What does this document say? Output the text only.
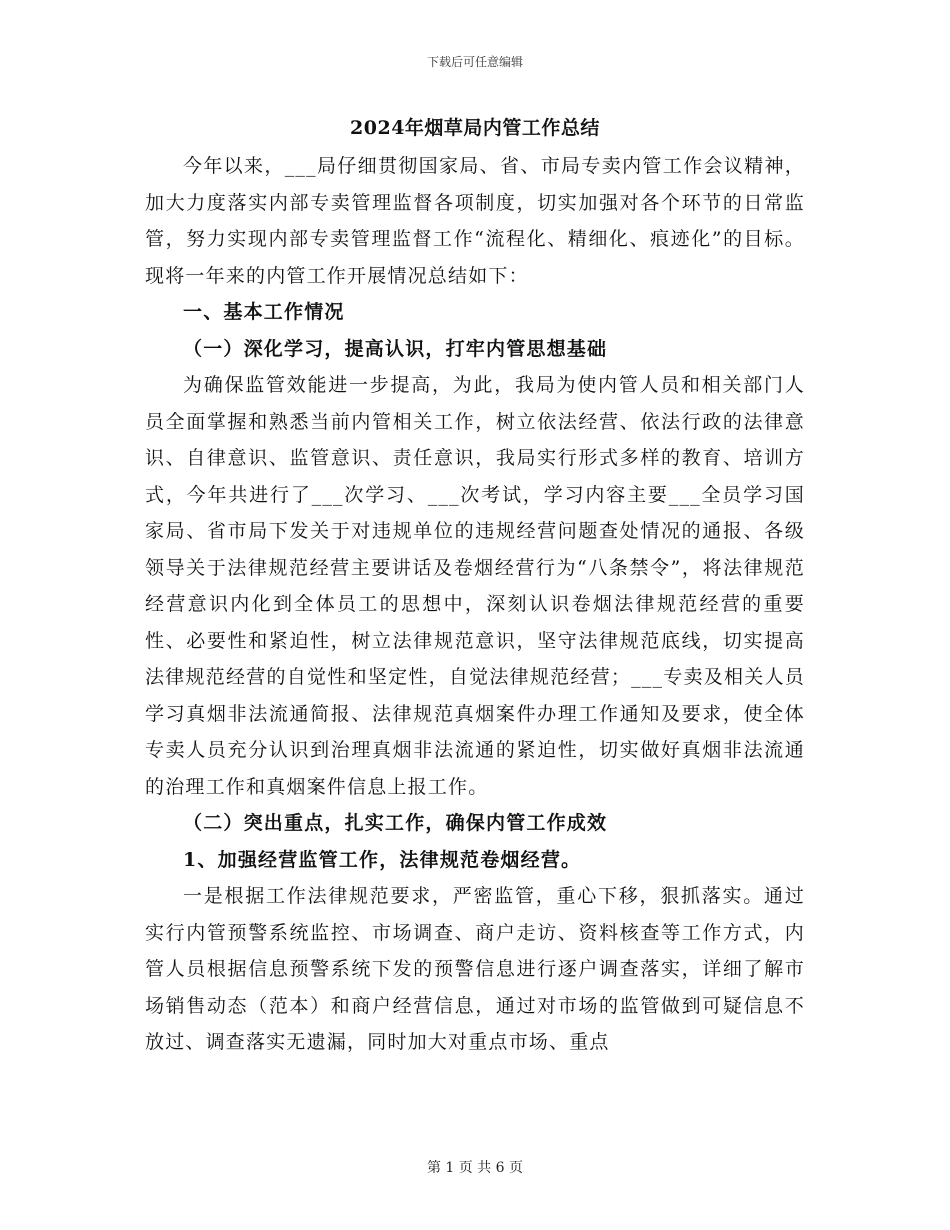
下载后可任意编辑
2024年烟草局内管工作总结

今年以来，___局仔细贯彻国家局、省、市局专卖内管工作会议精神，加大力度落实内部专卖管理监督各项制度，切实加强对各个环节的日常监管，努力实现内部专卖管理监督工作“流程化、精细化、痕迹化”的目标。现将一年来的内管工作开展情况总结如下：

一、基本工作情况

（一）深化学习，提高认识，打牢内管思想基础

为确保监管效能进一步提高，为此，我局为使内管人员和相关部门人员全面掌握和熟悉当前内管相关工作，树立依法经营、依法行政的法律意识、自律意识、监管意识、责任意识，我局实行形式多样的教育、培训方式，今年共进行了___次学习、___次考试，学习内容主要___全员学习国家局、省市局下发关于对违规单位的违规经营问题查处情况的通报、各级领导关于法律规范经营主要讲话及卷烟经营行为“八条禁令”，将法律规范经营意识内化到全体员工的思想中，深刻认识卷烟法律规范经营的重要性、必要性和紧迫性，树立法律规范意识，坚守法律规范底线，切实提高法律规范经营的自觉性和坚定性，自觉法律规范经营；___专卖及相关人员学习真烟非法流通简报、法律规范真烟案件办理工作通知及要求，使全体专卖人员充分认识到治理真烟非法流通的紧迫性，切实做好真烟非法流通的治理工作和真烟案件信息上报工作。

（二）突出重点，扎实工作，确保内管工作成效

1、加强经营监管工作，法律规范卷烟经营。

一是根据工作法律规范要求，严密监管，重心下移，狠抓落实。通过实行内管预警系统监控、市场调查、商户走访、资料核查等工作方式，内管人员根据信息预警系统下发的预警信息进行逐户调查落实，详细了解市场销售动态（范本）和商户经营信息，通过对市场的监管做到可疑信息不放过、调查落实无遗漏，同时加大对重点市场、重点

第 1 页 共 6 页
